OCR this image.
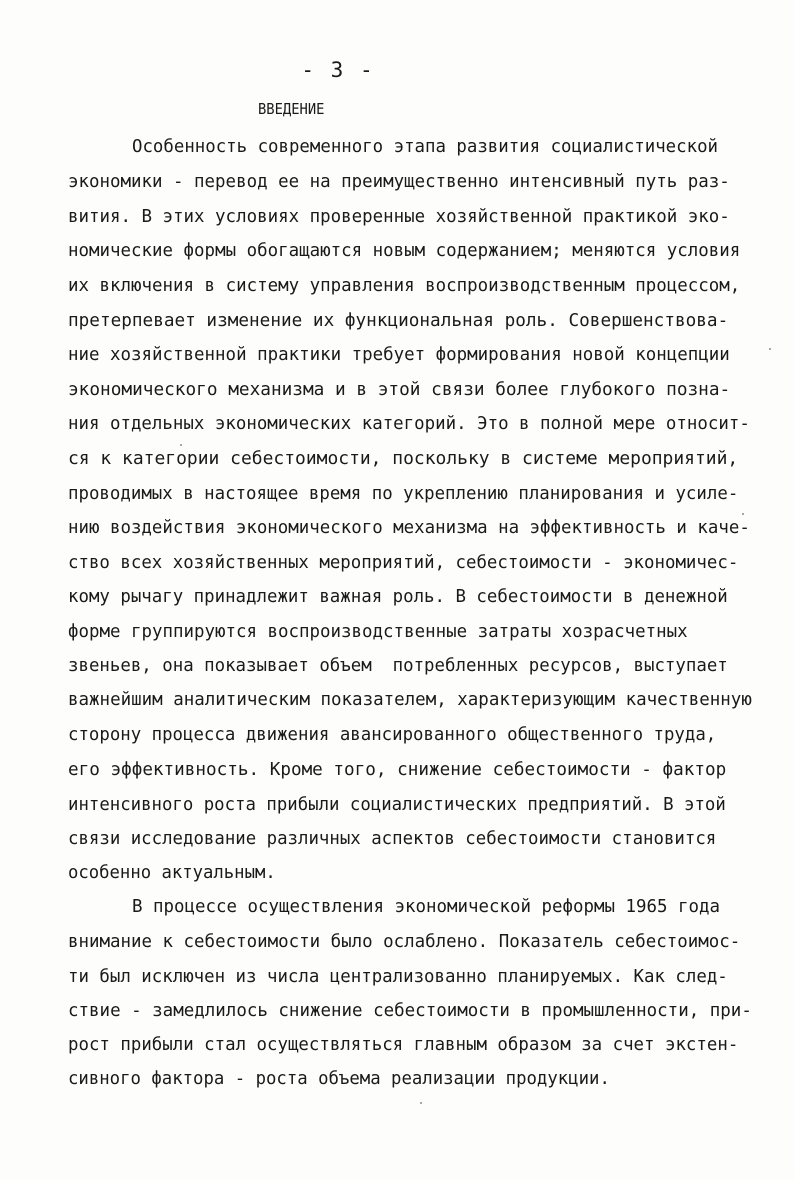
- 3 -
ВВЕДЕНИЕ
Особенность современного этапа развития социалистической
экономики - перевод ее на преимущественно интенсивный путь раз-
вития. В этих условиях проверенные хозяйственной практикой эко-
номические формы обогащаются новым содержанием; меняются условия
их включения в систему управления воспроизводственным процессом,
претерпевает изменение их функциональная роль. Совершенствова-
ние хозяйственной практики требует формирования новой концепции
экономического механизма и в этой связи более глубокого позна-
ния отдельных экономических категорий. Это в полной мере относит-
ся к категории себестоимости, поскольку в системе мероприятий,
проводимых в настоящее время по укреплению планирования и усиле-
нию воздействия экономического механизма на эффективность и каче-
ство всех хозяйственных мероприятий, себестоимости - экономичес-
кому рычагу принадлежит важная роль. В себестоимости в денежной
форме группируются воспроизводственные затраты хозрасчетных
звеньев, она показывает объем  потребленных ресурсов, выступает
важнейшим аналитическим показателем, характеризующим качественную
сторону процесса движения авансированного общественного труда,
его эффективность. Кроме того, снижение себестоимости - фактор
интенсивного роста прибыли социалистических предприятий. В этой
связи исследование различных аспектов себестоимости становится
особенно актуальным.
В процессе осуществления экономической реформы 1965 года
внимание к себестоимости было ослаблено. Показатель себестоимос-
ти был исключен из числа централизованно планируемых. Как след-
ствие - замедлилось снижение себестоимости в промышленности, при-
рост прибыли стал осуществляться главным образом за счет экстен-
сивного фактора - роста объема реализации продукции.
